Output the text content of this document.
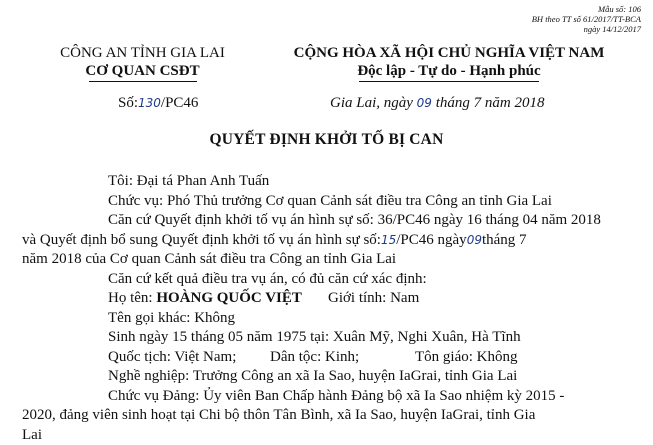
Mẫu số: 106
BH theo TT số 61/2017/TT-BCA
ngày 14/12/2017
CÔNG AN TỈNH GIA LAI
CƠ QUAN CSĐT
CỘNG HÒA XÃ HỘI CHỦ NGHĨA VIỆT NAM
Độc lập - Tự do - Hạnh phúc
Số:130/PC46	Gia Lai, ngày 09 tháng 7 năm 2018
QUYẾT ĐỊNH KHỞI TỐ BỊ CAN
Tôi: Đại tá Phan Anh Tuấn
Chức vụ: Phó Thủ trưởng Cơ quan Cảnh sát điều tra Công an tỉnh Gia Lai
Căn cứ Quyết định khởi tố vụ án hình sự số: 36/PC46 ngày 16 tháng 04 năm 2018
và Quyết định bổ sung Quyết định khởi tố vụ án hình sự số:15/PC46 ngày09tháng 7
năm 2018 của Cơ quan Cảnh sát điều tra Công an tỉnh Gia Lai
Căn cứ kết quả điều tra vụ án, có đủ căn cứ xác định:
Họ tên: HOÀNG QUỐC VIỆT Giới tính: Nam
Tên gọi khác: Không
Sinh ngày 15 tháng 05 năm 1975 tại: Xuân Mỹ, Nghi Xuân, Hà Tĩnh
Quốc tịch: Việt Nam; Dân tộc: Kinh;	Tôn giáo: Không
Nghề nghiệp: Trưởng Công an xã Ia Sao, huyện IaGrai, tỉnh Gia Lai
Chức vụ Đảng: Ủy viên Ban Chấp hành Đảng bộ xã Ia Sao nhiệm kỳ 2015 -
2020, đảng viên sinh hoạt tại Chi bộ thôn Tân Bình, xã Ia Sao, huyện IaGrai, tỉnh Gia
Lai
